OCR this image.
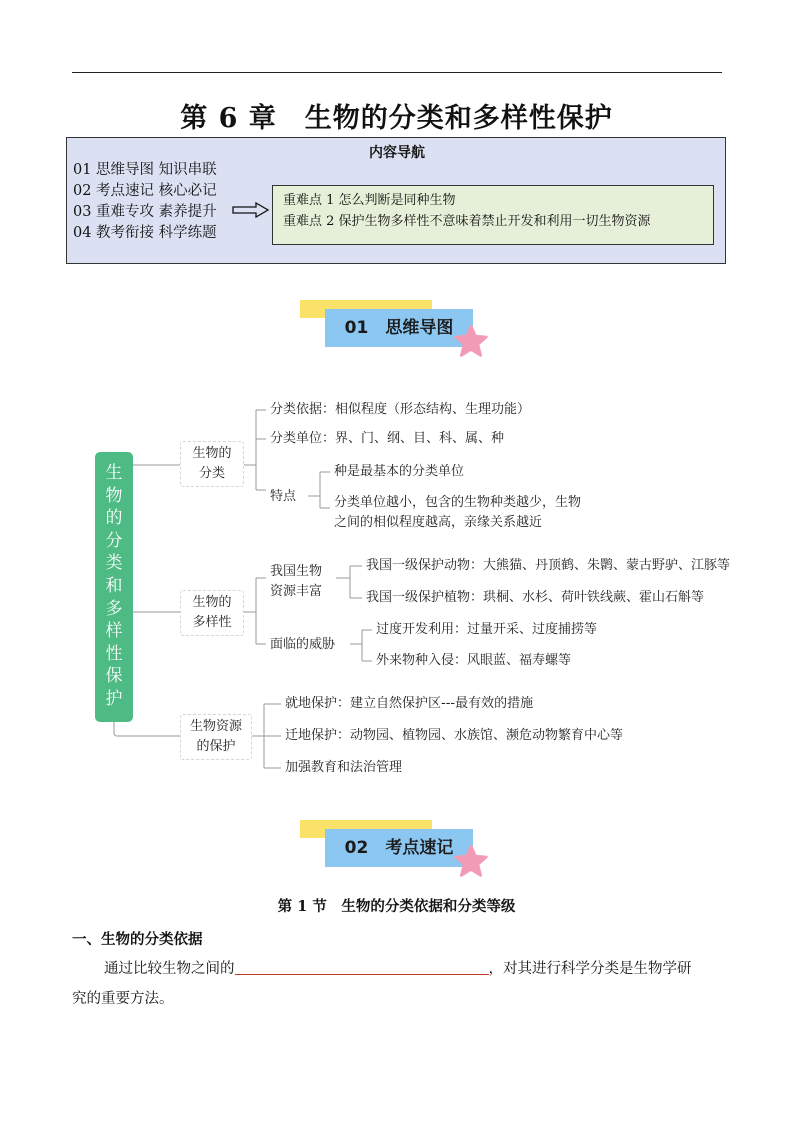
第 6 章　生物的分类和多样性保护
内容导航
01 思维导图 知识串联
02 考点速记 核心必记
03 重难专攻 素养提升
04 教考衔接 科学练题
重难点 1 怎么判断是同种生物
重难点 2 保护生物多样性不意味着禁止开发和利用一切生物资源
01　思维导图
生
物
的
分
类
和
多
样
性
保
护
生物的
分类
分类依据：相似程度（形态结构、生理功能）
分类单位：界、门、纲、目、科、属、种
特点
种是最基本的分类单位
分类单位越小，包含的生物种类越少，生物
之间的相似程度越高，亲缘关系越近
生物的
多样性
我国生物
资源丰富
我国一级保护动物：大熊猫、丹顶鹤、朱鹮、蒙古野驴、江豚等
我国一级保护植物：珙桐、水杉、荷叶铁线蕨、霍山石斛等
面临的威胁
过度开发利用：过量开采、过度捕捞等
外来物种入侵：风眼蓝、福寿螺等
生物资源
的保护
就地保护：建立自然保护区---最有效的措施
迁地保护：动物园、植物园、水族馆、濒危动物繁育中心等
加强教育和法治管理
02　考点速记
第 1 节　生物的分类依据和分类等级
一、生物的分类依据
通过比较生物之间的	，对其进行科学分类是生物学研
究的重要方法。
